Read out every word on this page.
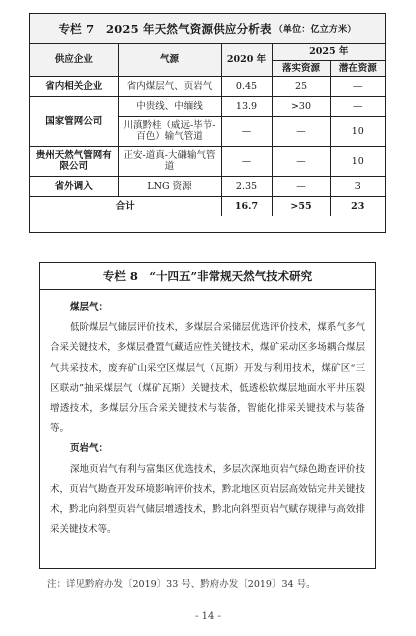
专栏 7　2025 年天然气资源供应分析表 （单位：亿立方米）
供应企业	气源	2020 年	2025 年	
			落实资源	潜在资源
省内相关企业	省内煤层气、页岩气	0.45	25	—
国家管网公司	中贵线、中缅线	13.9	>30	—
	川滇黔桂（威远-毕节-百色）输气管道	—	—	10
贵州天然气管网有限公司	正安-道真-大磏输气管道	—	—	10
省外调入	LNG 资源	2.35	—	3
合计		16.7	>55	23
专栏 8　“十四五”非常规天然气技术研究
煤层气：

低阶煤层气储层评价技术，多煤层合采储层优选评价技术，煤系气多气合采关键技术，多煤层叠置气藏适应性关键技术，煤矿采动区多场耦合煤层气共采技术，废弃矿山采空区煤层气（瓦斯）开发与利用技术，煤矿区“三区联动”抽采煤层气（煤矿瓦斯）关键技术，低透松软煤层地面水平井压裂增透技术，多煤层分压合采关键技术与装备，智能化排采关键技术与装备等。

页岩气：

深地页岩气有利与富集区优选技术，多层次深地页岩气绿色勘查评价技术，页岩气勘查开发环境影响评价技术，黔北地区页岩层高效钻完井关键技术，黔北向斜型页岩气储层增透技术，黔北向斜型页岩气赋存规律与高效排采关键技术等。

注：详见黔府办发〔2019〕33 号、黔府办发〔2019〕34 号。
- 14 -
